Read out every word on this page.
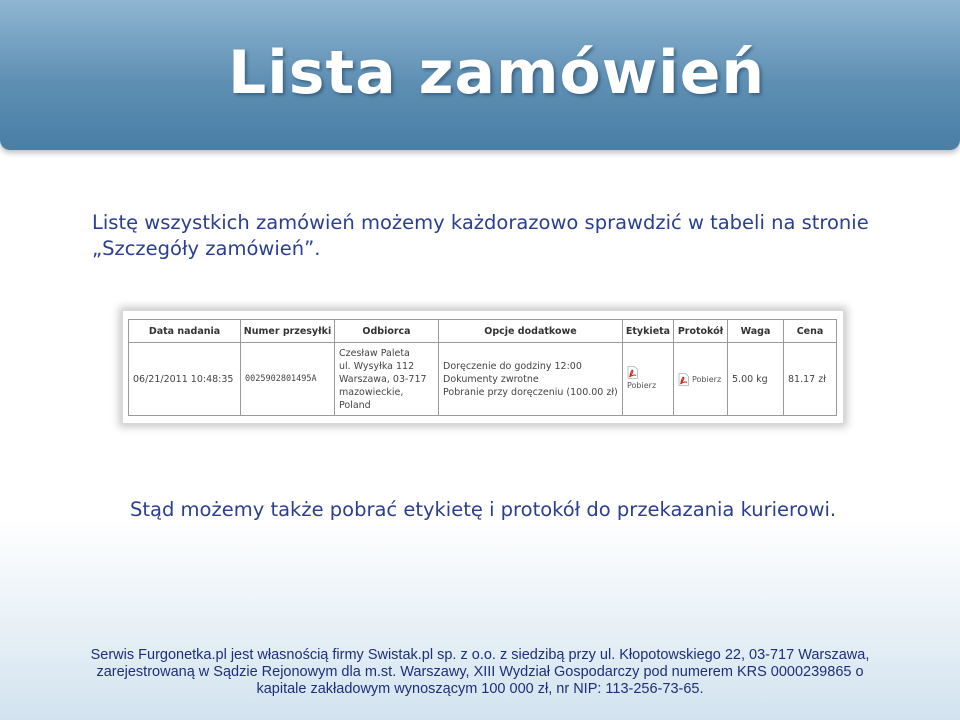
Lista zamówień

Listę wszystkich zamówień możemy każdorazowo sprawdzić w tabeli na stronie
„Szczegóły zamówień”.

Data nadania	Numer przesyłki	Odbiorca	Opcje dodatkowe	Etykieta	Protokół	Waga	Cena
06/21/2011 10:48:35	0025902801495A	Czesław Paleta
ul. Wysyłka 112
Warszawa, 03-717
mazowieckie, Poland	Doręczenie do godziny 12:00
Dokumenty zwrotne
Pobranie przy doręczeniu (100.00 zł)	Pobierz	Pobierz	5.00 kg	81.17 zł

Stąd możemy także pobrać etykietę i protokół do przekazania kurierowi.

Serwis Furgonetka.pl jest własnością firmy Swistak.pl sp. z o.o. z siedzibą przy ul. Kłopotowskiego 22, 03-717 Warszawa,
zarejestrowaną w Sądzie Rejonowym dla m.st. Warszawy, XIII Wydział Gospodarczy pod numerem KRS 0000239865 o
kapitale zakładowym wynoszącym 100 000 zł, nr NIP: 113-256-73-65.
